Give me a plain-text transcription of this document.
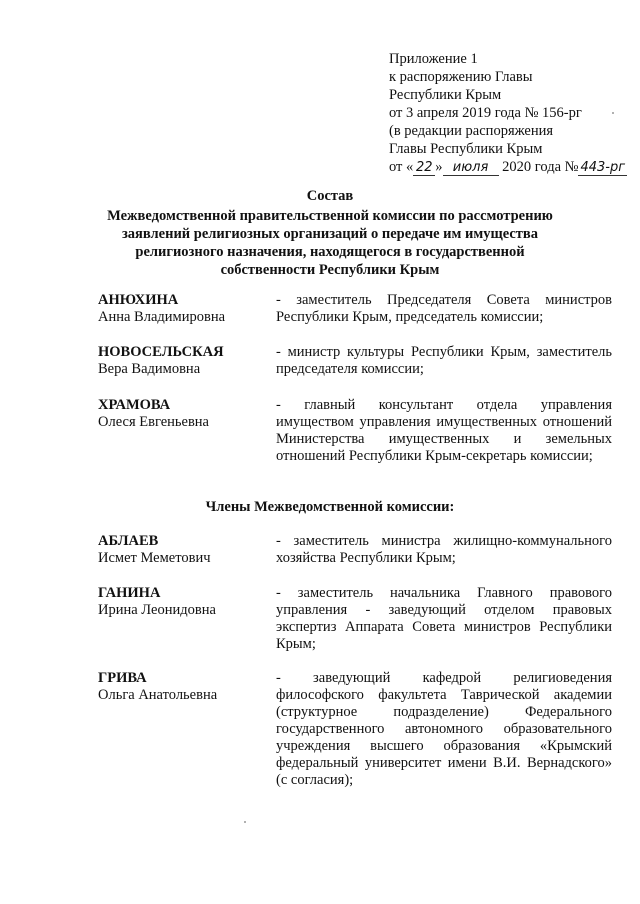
Приложение 1
к распоряжению Главы
Республики Крым
от 3 апреля 2019 года № 156-рг
(в редакции распоряжения
Главы Республики Крым
от « 22 » июля 2020 года № 443-рг
Состав
Межведомственной правительственной комиссии по рассмотрению
заявлений религиозных организаций о передаче им имущества
религиозного назначения, находящегося в государственной
собственности Республики Крым
АНЮХИНА
Анна Владимировна
- заместитель Председателя Совета министров Республики Крым, председатель комиссии;
НОВОСЕЛЬСКАЯ
Вера Вадимовна
- министр культуры Республики Крым, заместитель председателя комиссии;
ХРАМОВА
Олеся Евгеньевна
- главный консультант отдела управления имуществом управления имущественных отношений Министерства имущественных и земельных отношений Республики Крым-секретарь комиссии;
Члены Межведомственной комиссии:
АБЛАЕВ
Исмет Меметович
- заместитель министра жилищно-коммунального хозяйства Республики Крым;
ГАНИНА
Ирина Леонидовна
- заместитель начальника Главного правового управления - заведующий отделом правовых экспертиз Аппарата Совета министров Республики Крым;
ГРИВА
Ольга Анатольевна
- заведующий кафедрой религиоведения философского факультета Таврической академии (структурное подразделение) Федерального государственного автономного образовательного учреждения высшего образования «Крымский федеральный университет имени В.И. Вернадского» (с согласия);
